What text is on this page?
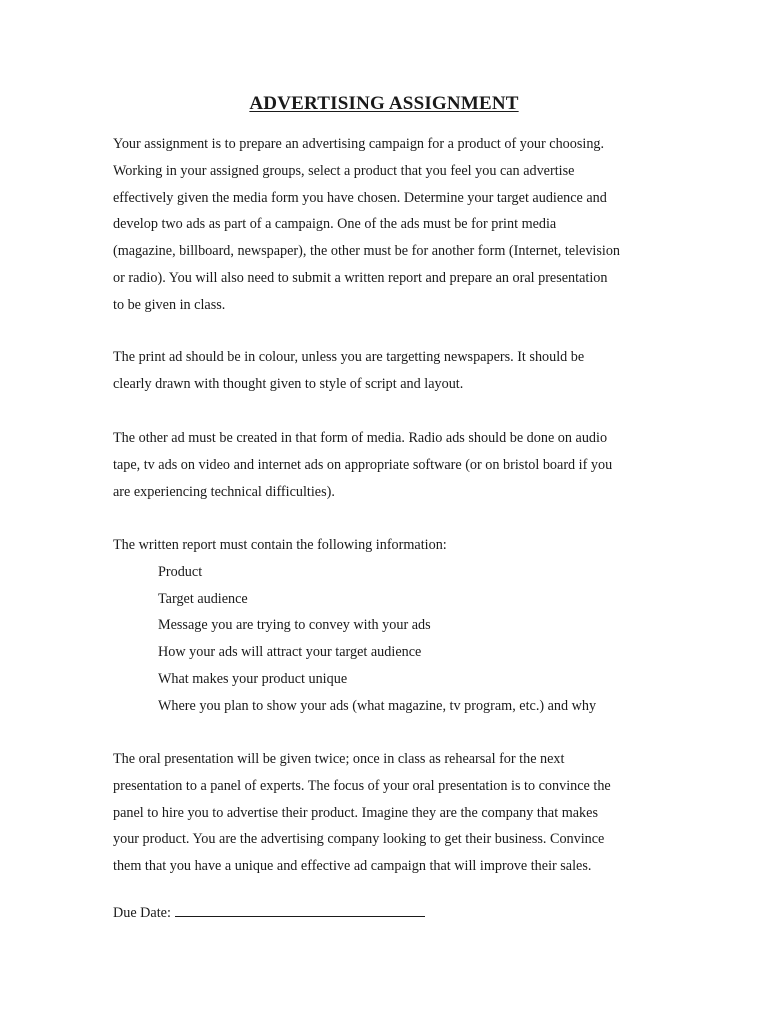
ADVERTISING ASSIGNMENT

Your assignment is to prepare an advertising campaign for a product of your choosing.
Working in your assigned groups, select a product that you feel you can advertise
effectively given the media form you have chosen. Determine your target audience and
develop two ads as part of a campaign. One of the ads must be for print media
(magazine, billboard, newspaper), the other must be for another form (Internet, television
or radio). You will also need to submit a written report and prepare an oral presentation
to be given in class.

The print ad should be in colour, unless you are targetting newspapers. It should be
clearly drawn with thought given to style of script and layout.

The other ad must be created in that form of media. Radio ads should be done on audio
tape, tv ads on video and internet ads on appropriate software (or on bristol board if you
are experiencing technical difficulties).

The written report must contain the following information:

Product
Target audience
Message you are trying to convey with your ads
How your ads will attract your target audience
What makes your product unique
Where you plan to show your ads (what magazine, tv program, etc.) and why

The oral presentation will be given twice; once in class as rehearsal for the next
presentation to a panel of experts. The focus of your oral presentation is to convince the
panel to hire you to advertise their product. Imagine they are the company that makes
your product. You are the advertising company looking to get their business. Convince
them that you have a unique and effective ad campaign that will improve their sales.

Due Date:
